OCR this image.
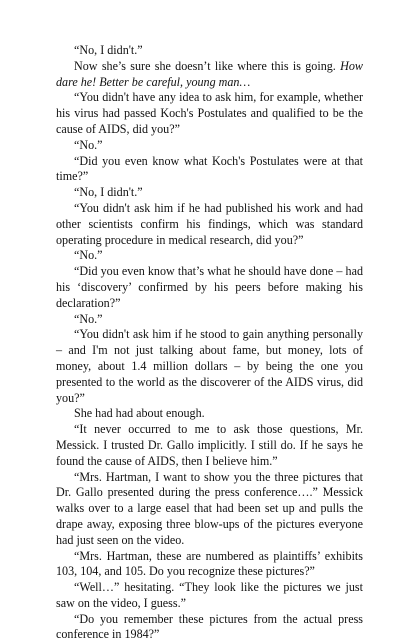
“No, I didn't.”

Now she’s sure she doesn’t like where this is going. How dare he! Better be careful, young man…

“You didn't have any idea to ask him, for example, whether his virus had passed Koch's Postulates and qualified to be the cause of AIDS, did you?”

“No.”

“Did you even know what Koch's Postulates were at that time?”

“No, I didn't.”

“You didn't ask him if he had published his work and had other scientists confirm his findings, which was standard operating procedure in medical research, did you?”

“No.”

“Did you even know that’s what he should have done – had his ‘discovery’ confirmed by his peers before making his declaration?”

“No.”

“You didn't ask him if he stood to gain anything personally – and I'm not just talking about fame, but money, lots of money, about 1.4 million dollars – by being the one you presented to the world as the discoverer of the AIDS virus, did you?”

She had had about enough.

“It never occurred to me to ask those questions, Mr. Messick. I trusted Dr. Gallo implicitly. I still do. If he says he found the cause of AIDS, then I believe him.”

“Mrs. Hartman, I want to show you the three pictures that Dr. Gallo presented during the press conference….” Messick walks over to a large easel that had been set up and pulls the drape away, exposing three blow-ups of the pictures everyone had just seen on the video.

“Mrs. Hartman, these are numbered as plaintiffs’ exhibits 103, 104, and 105. Do you recognize these pictures?”

“Well…” hesitating. “They look like the pictures we just saw on the video, I guess.”

“Do you remember these pictures from the actual press conference in 1984?”
